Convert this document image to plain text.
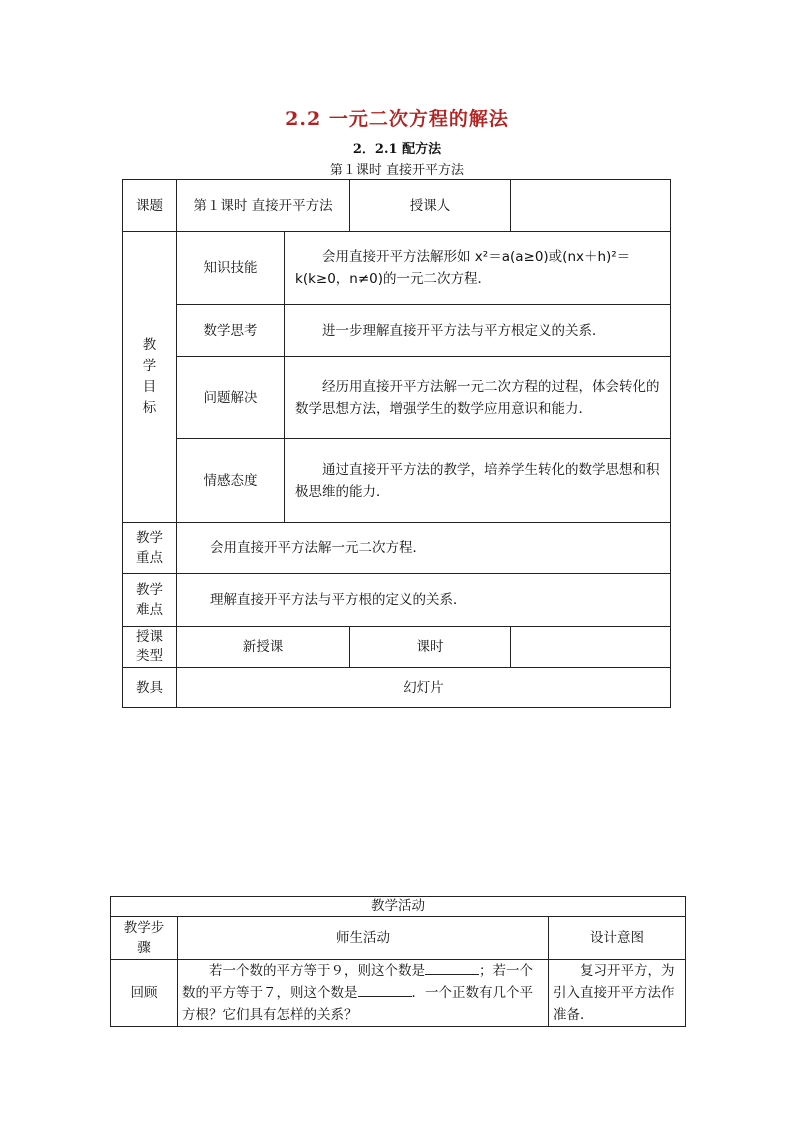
2.2 一元二次方程的解法
2．2.1 配方法
第１课时 直接开平方法
课题	第１课时 直接开平方法		授课人	
教
学
目
标	知识技能	会用直接开平方法解形如 x²＝a(a≥0)或(nx＋h)²＝k(k≥0，n≠0)的一元二次方程．		
	数学思考	进一步理解直接开平方法与平方根定义的关系．		
	问题解决	经历用直接开平方法解一元二次方程的过程，体会转化的数学思想方法，增强学生的数学应用意识和能力．		
	情感态度	通过直接开平方法的教学，培养学生转化的数学思想和积极思维的能力．		
教学
重点	会用直接开平方法解一元二次方程．			
教学
难点	理解直接开平方法与平方根的定义的关系．			
授课
类型	新授课		课时	
教具	幻灯片			
教学活动		
教学步
骤	师生活动	设计意图
回顾	若一个数的平方等于９，则这个数是 ；若一个数的平方等于７，则这个数是 ．一个正数有几个平方根？它们具有怎样的关系？	复习开平方，为引入直接开平方法作准备．
